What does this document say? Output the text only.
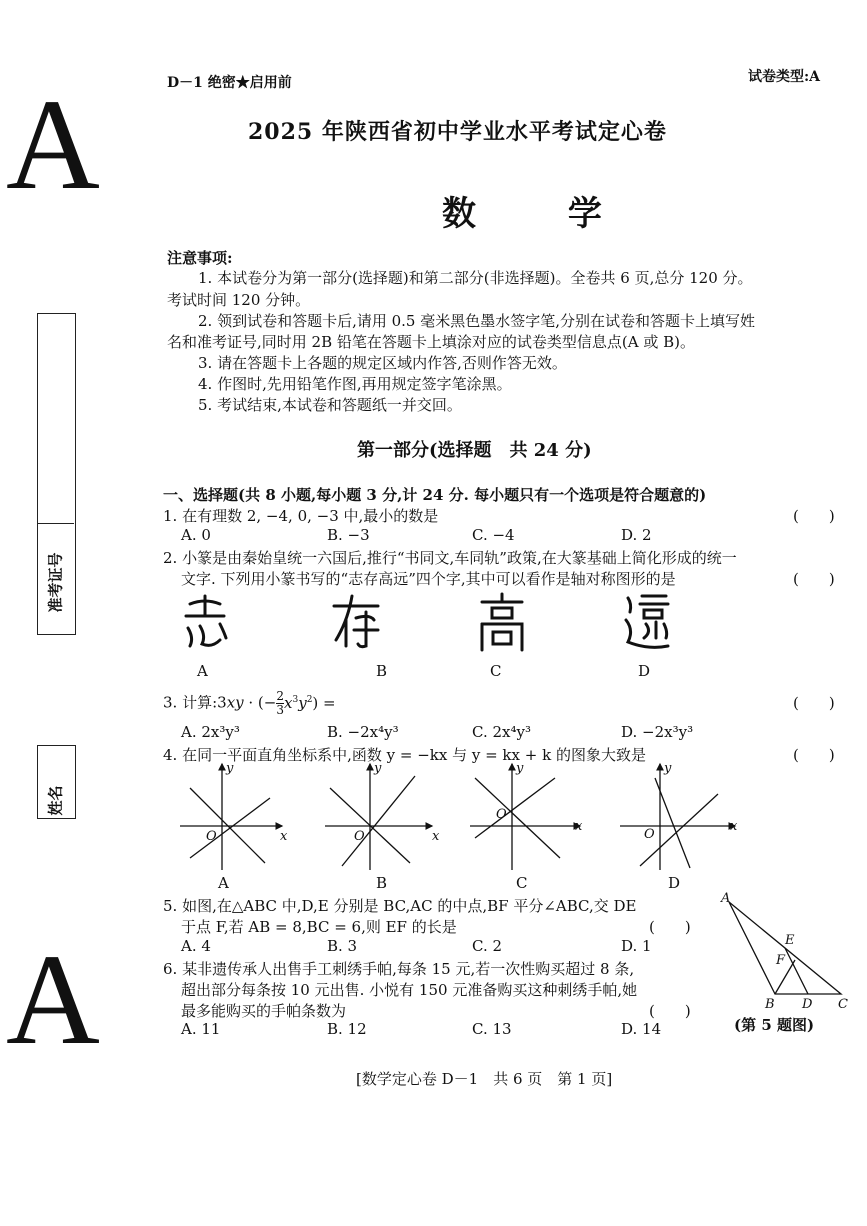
A
A
D－1 绝密★启用前	试卷类型:A
2025 年陕西省初中学业水平考试定心卷
数 学
注意事项:
1. 本试卷分为第一部分(选择题)和第二部分(非选择题)。全卷共 6 页,总分 120 分。
考试时间 120 分钟。
2. 领到试卷和答题卡后,请用 0.5 毫米黑色墨水签字笔,分别在试卷和答题卡上填写姓
名和准考证号,同时用 2B 铅笔在答题卡上填涂对应的试卷类型信息点(A 或 B)。
3. 请在答题卡上各题的规定区域内作答,否则作答无效。
4. 作图时,先用铅笔作图,再用规定签字笔涂黑。
5. 考试结束,本试卷和答题纸一并交回。
准考证号
姓名
第一部分(选择题　共 24 分)
一、选择题(共 8 小题,每小题 3 分,计 24 分. 每小题只有一个选项是符合题意的)
1. 在有理数 2, −4, 0, −3 中,最小的数是	(　　)
A. 0	B. −3	C. −4	D. 2
2. 小篆是由秦始皇统一六国后,推行“书同文,车同轨”政策,在大篆基础上简化形成的统一
文字. 下列用小篆书写的“志存高远”四个字,其中可以看作是轴对称图形的是	(　　)
A	B	C	D
3. 计算:3xy · (− $\frac{2}{3} x^3y^2$) =	(　　)
A. 2x³y³	B. −2x⁴y³	C. 2x⁴y³	D. −2x³y³
4. 在同一平面直角坐标系中,函数 y = −kx 与 y = kx + k 的图象大致是	(　　)
y
x
O
y
x
O
y
x
O
y
x
O
A	B	C	D
5. 如图,在△ABC 中,D,E 分别是 BC,AC 的中点,BF 平分∠ABC,交 DE
于点 F,若 AB = 8,BC = 6,则 EF 的长是	(　　)
A. 4	B. 3	C. 2	D. 1
A
E
F
B D C
(第 5 题图)
6. 某非遗传承人出售手工刺绣手帕,每条 15 元,若一次性购买超过 8 条,
超出部分每条按 10 元出售. 小悦有 150 元准备购买这种刺绣手帕,她
最多能购买的手帕条数为	(　　)
A. 11	B. 12	C. 13	D. 14
[数学定心卷 D－1　共 6 页　第 1 页]
